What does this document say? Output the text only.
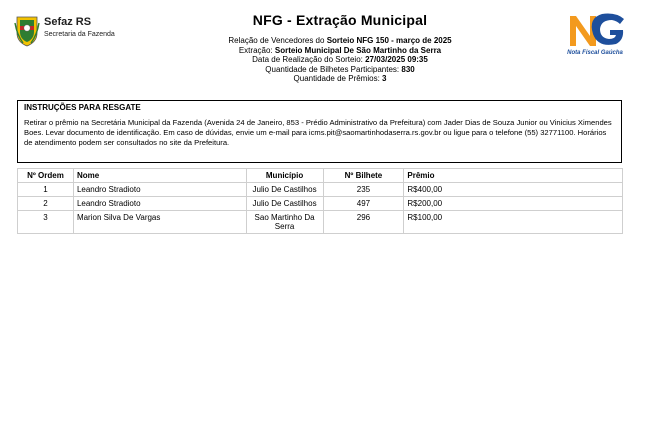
Sefaz RS
Secretaria da Fazenda
NFG - Extração Municipal
Relação de Vencedores do Sorteio NFG 150 - março de 2025
Extração: Sorteio Municipal De São Martinho da Serra
Data de Realização do Sorteio: 27/03/2025 09:35
Quantidade de Bilhetes Participantes: 830
Quantidade de Prêmios: 3
Nota Fiscal Gaúcha
INSTRUÇÕES PARA RESGATE
Retirar o prêmio na Secretária Municipal da Fazenda (Avenida 24 de Janeiro, 853 - Prédio Administrativo da Prefeitura) com Jader Dias de Souza Junior ou Vinicius Ximendes Boes. Levar documento de identificação. Em caso de dúvidas, envie um e-mail para icms.pit@saomartinhodaserra.rs.gov.br ou ligue para o telefone (55) 32771100. Horários de atendimento podem ser consultados no site da Prefeitura.
Nº Ordem	Nome	Município	Nº Bilhete	Prêmio
1	Leandro Stradioto	Julio De Castilhos	235	R$400,00
2	Leandro Stradioto	Julio De Castilhos	497	R$200,00
3	Marion Silva De Vargas	Sao Martinho Da Serra	296	R$100,00
